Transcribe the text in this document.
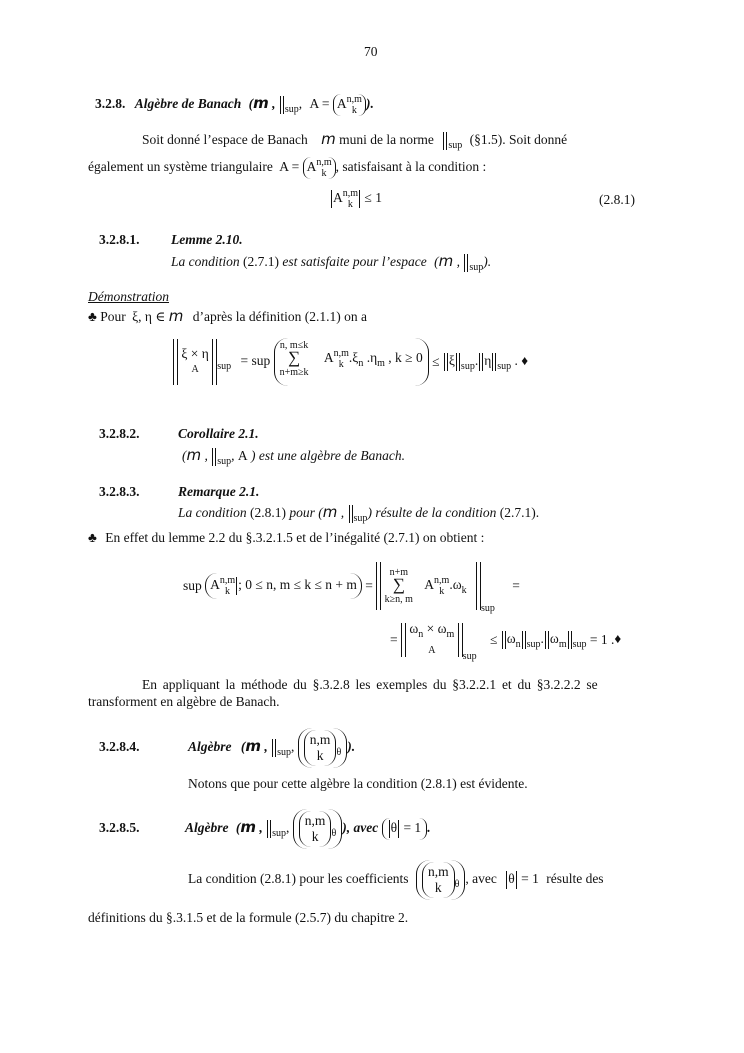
70
3.2.8. Algèbre de Banach (m , $_{sup}$, A = An,m
k ).
Soit donné l’espace de Banach m muni de la norme $_{sup}$ (§1.5). Soit donné
également un système triangulaire A = An,m
k , satisfaisant à la condition :
An,m
k ≤ 1	(2.8.1)
3.2.8.1. Lemme 2.10.
La condition (2.7.1) est satisfaite pour l’espace (m , $_{sup}$).
Démonstration
♣ Pour ξ, η ∈ m d’après la définition (2.1.1) on a
ξ × η
A $_{sup}$ = sup n, m≤k
∑
n+m≥k An,m
k $.\xi_n$ $.\eta_m$ , k ≥ 0 ≤ ξ $_{sup}$. η $_{sup}$ . ♦
3.2.8.2.	Corollaire 2.1.
(m , $_{sup}$, A ) est une algèbre de Banach.
3.2.8.3.	Remarque 2.1.
La condition (2.8.1) pour (m , $_{sup}$) résulte de la condition (2.7.1).
♣ En effet du lemme 2.2 du §.3.2.1.5 et de l’inégalité (2.7.1) on obtient :
sup An,m
k ; 0 ≤ n, m ≤ k ≤ n + m =  n+m
∑
k≥n, m An,m
k $.\omega_k$ $_{sup}$ =
=  $\omega_n \times \omega_m$
A $_{sup} \le \omega_n$ $_{sup}$. $\omega_m$ $_{sup}$ = 1 .♦
En appliquant la méthode du §.3.2.8 les exemples du §3.2.2.1 et du §3.2.2.2 se
transforment en algèbre de Banach.
3.2.8.4.	Algèbre (m , $_{sup}$, n,m
k $_\theta$ ).
Notons que pour cette algèbre la condition (2.8.1) est évidente.
3.2.8.5.	Algèbre (m , $_{sup}$, n,m
k $_\theta$ ), avec θ = 1 .
La condition (2.8.1) pour les coefficients n,m
k $_\theta$ , avec θ = 1 résulte des
définitions du §.3.1.5 et de la formule (2.5.7) du chapitre 2.
